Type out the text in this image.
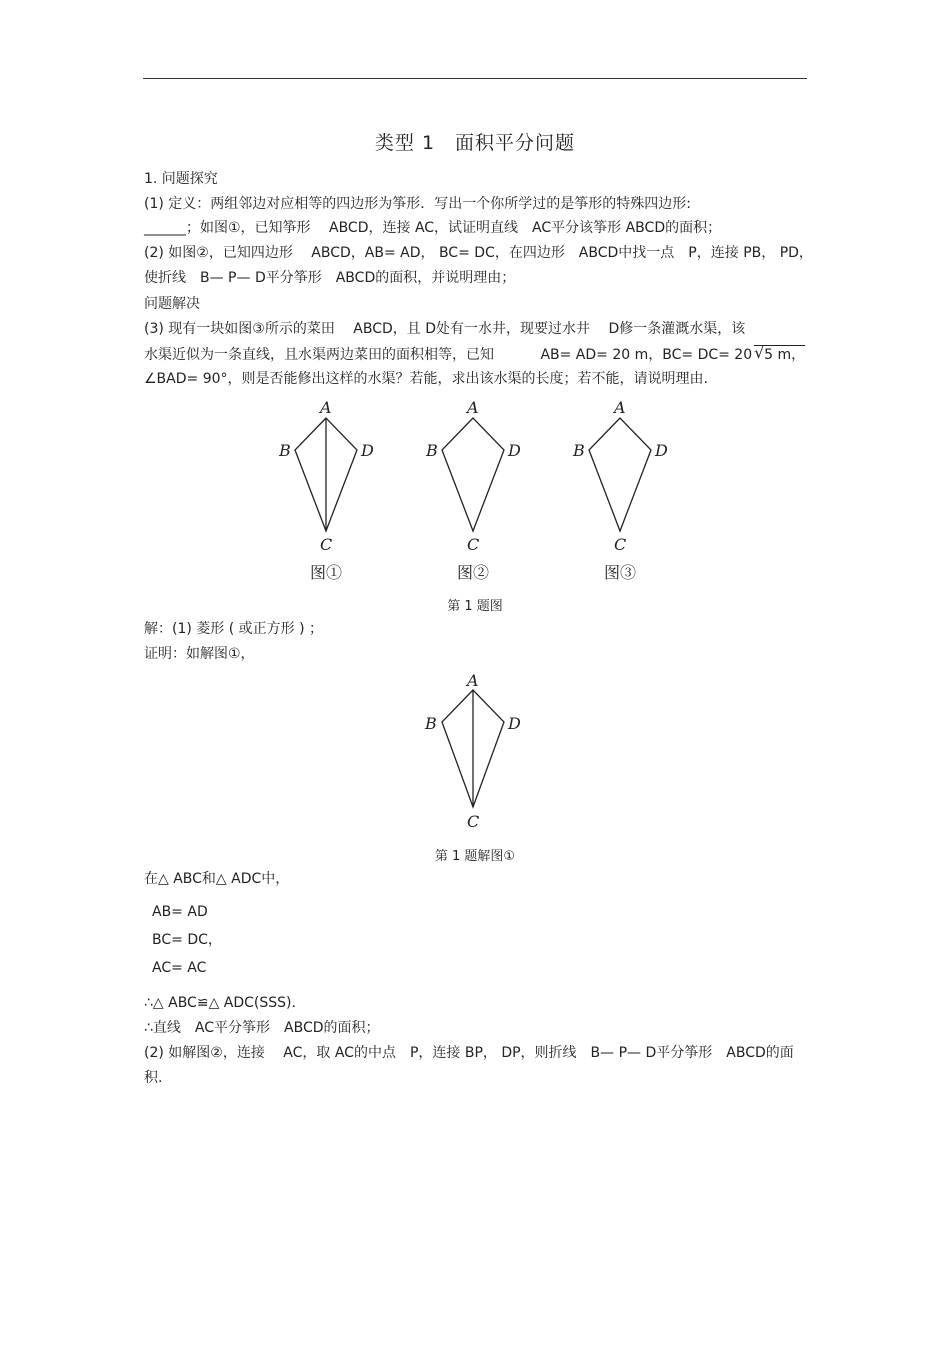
类型 1　面积平分问题
1. 问题探究
(1) 定义：两组邻边对应相等的四边形为筝形．写出一个你所学过的是筝形的特殊四边形:
______；如图①，已知筝形　 ABCD，连接 AC，试证明直线　AC平分该筝形 ABCD的面积；
(2) 如图②，已知四边形　 ABCD，AB= AD， BC= DC，在四边形　ABCD中找一点　P，连接 PB， PD，
使折线　B— P— D平分筝形　ABCD的面积，并说明理由；
问题解决
(3) 现有一块如图③所示的菜田　 ABCD，且 D处有一水井，现要过水井　 D修一条灌溉水渠，该
水渠近似为一条直线，且水渠两边菜田的面积相等，已知　　　 AB= AD= 20 m，BC= DC= 20 √ 5 m，
∠BAD= 90°，则是否能修出这样的水渠？若能，求出该水渠的长度；若不能，请说明理由.
A
B	D
C
图①
A
B	D
C
图②
A
B	D
C
图③
第 1 题图
解：(1) 菱形 ( 或正方形 ) ；
证明：如解图①，
A
B	D
C
第 1 题解图①
在△ ABC和△ ADC中，
AB= AD
BC= DC，
AC= AC
∴△ ABC≌△ ADC(SSS)．
∴直线　AC平分筝形　ABCD的面积；
(2) 如解图②，连接　 AC，取 AC的中点　P，连接 BP， DP，则折线　B— P— D平分筝形　ABCD的面
积.
